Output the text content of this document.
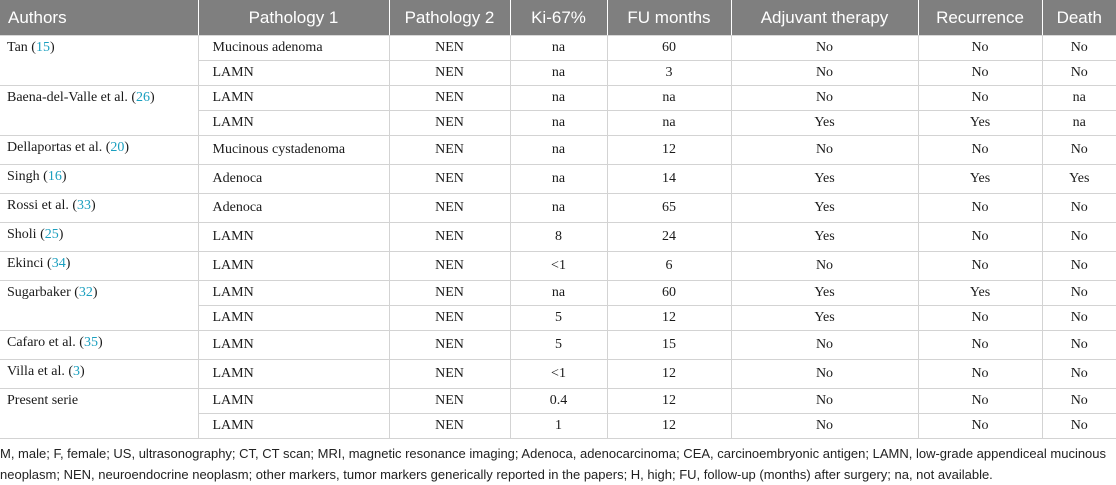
Authors	Pathology 1	Pathology 2	Ki-67%	FU months	Adjuvant therapy	Recurrence	Death
Tan (15)	Mucinous adenoma	NEN	na	60	No	No	No
	LAMN	NEN	na	3	No	No	No
Baena-del-Valle et al. (26)	LAMN	NEN	na	na	No	No	na
	LAMN	NEN	na	na	Yes	Yes	na
Dellaportas et al. (20)	Mucinous cystadenoma	NEN	na	12	No	No	No
Singh (16)	Adenoca	NEN	na	14	Yes	Yes	Yes
Rossi et al. (33)	Adenoca	NEN	na	65	Yes	No	No
Sholi (25)	LAMN	NEN	8	24	Yes	No	No
Ekinci (34)	LAMN	NEN	<1	6	No	No	No
Sugarbaker (32)	LAMN	NEN	na	60	Yes	Yes	No
	LAMN	NEN	5	12	Yes	No	No
Cafaro et al. (35)	LAMN	NEN	5	15	No	No	No
Villa et al. (3)	LAMN	NEN	<1	12	No	No	No
Present serie	LAMN	NEN	0.4	12	No	No	No
	LAMN	NEN	1	12	No	No	No
M, male; F, female; US, ultrasonography; CT, CT scan; MRI, magnetic resonance imaging; Adenoca, adenocarcinoma; CEA, carcinoembryonic antigen; LAMN, low-grade appendiceal mucinous neoplasm; NEN, neuroendocrine neoplasm; other markers, tumor markers generically reported in the papers; H, high; FU, follow-up (months) after surgery; na, not available.
